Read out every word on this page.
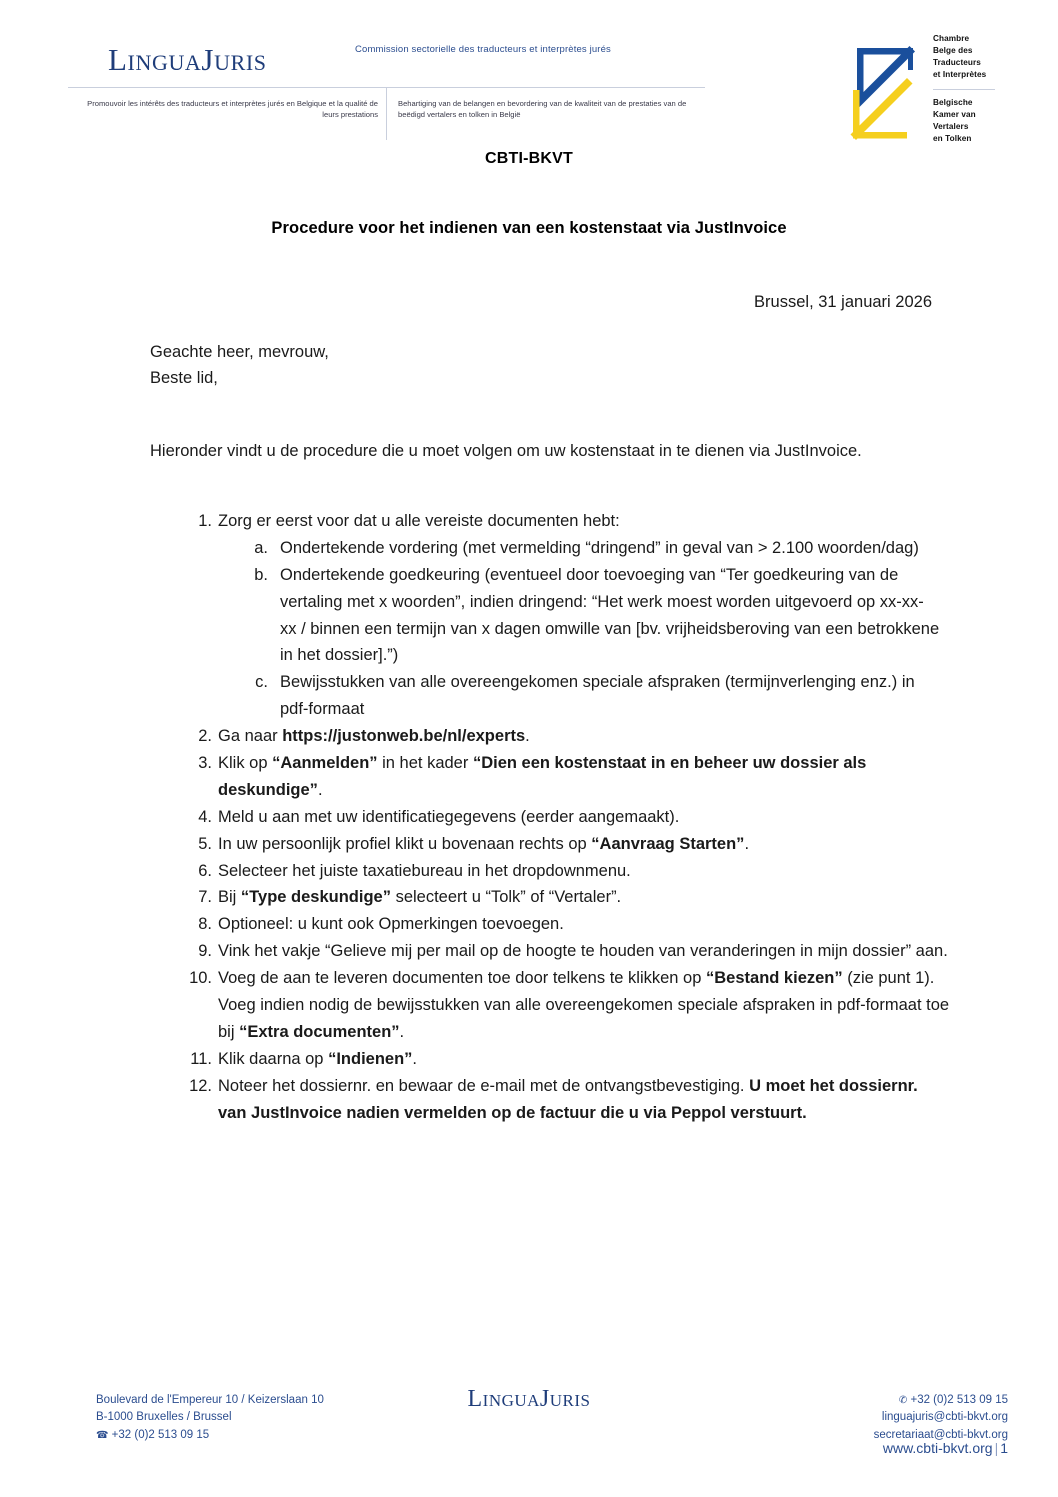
LinguaJuris	Commission sectorielle des traducteurs et interprètes jurés
Promouvoir les intérêts des traducteurs et interprètes jurés en Belgique et la qualité de leurs prestations
Behartiging van de belangen en bevordering van de kwaliteit van de prestaties van de beëdigd vertalers en tolken in België
Chambre
Belge des
Traducteurs
et Interprètes
Belgische
Kamer van
Vertalers
en Tolken
CBTI-BKVT
Procedure voor het indienen van een kostenstaat via JustInvoice
Brussel, 31 januari 2026
Geachte heer, mevrouw,
Beste lid,
Hieronder vindt u de procedure die u moet volgen om uw kostenstaat in te dienen via JustInvoice.
1. Zorg er eerst voor dat u alle vereiste documenten hebt:
a. Ondertekende vordering (met vermelding “dringend” in geval van > 2.100 woorden/dag)
b. Ondertekende goedkeuring (eventueel door toevoeging van “Ter goedkeuring van de vertaling met x woorden”, indien dringend: “Het werk moest worden uitgevoerd op xx-xx-xx / binnen een termijn van x dagen omwille van [bv. vrijheidsberoving van een betrokkene in het dossier].”)
c. Bewijsstukken van alle overeengekomen speciale afspraken (termijnverlenging enz.) in pdf-formaat
2. Ga naar https://justonweb.be/nl/experts.
3. Klik op “Aanmelden” in het kader “Dien een kostenstaat in en beheer uw dossier als deskundige”.
4. Meld u aan met uw identificatiegegevens (eerder aangemaakt).
5. In uw persoonlijk profiel klikt u bovenaan rechts op “Aanvraag Starten”.
6. Selecteer het juiste taxatiebureau in het dropdownmenu.
7. Bij “Type deskundige” selecteert u “Tolk” of “Vertaler”.
8. Optioneel: u kunt ook Opmerkingen toevoegen.
9. Vink het vakje “Gelieve mij per mail op de hoogte te houden van veranderingen in mijn dossier” aan.
10. Voeg de aan te leveren documenten toe door telkens te klikken op “Bestand kiezen” (zie punt 1). Voeg indien nodig de bewijsstukken van alle overeengekomen speciale afspraken in pdf-formaat toe bij “Extra documenten”.
11. Klik daarna op “Indienen”.
12. Noteer het dossiernr. en bewaar de e-mail met de ontvangstbevestiging. U moet het dossiernr. van JustInvoice nadien vermelden op de factuur die u via Peppol verstuurt.
Boulevard de l'Empereur 10 / Keizerslaan 10
B-1000 Bruxelles / Brussel
☎ +32 (0)2 513 09 15
LinguaJuris	✆ +32 (0)2 513 09 15
linguajuris@cbti-bkvt.org
secretariaat@cbti-bkvt.org
www.cbti-bkvt.org | 1
